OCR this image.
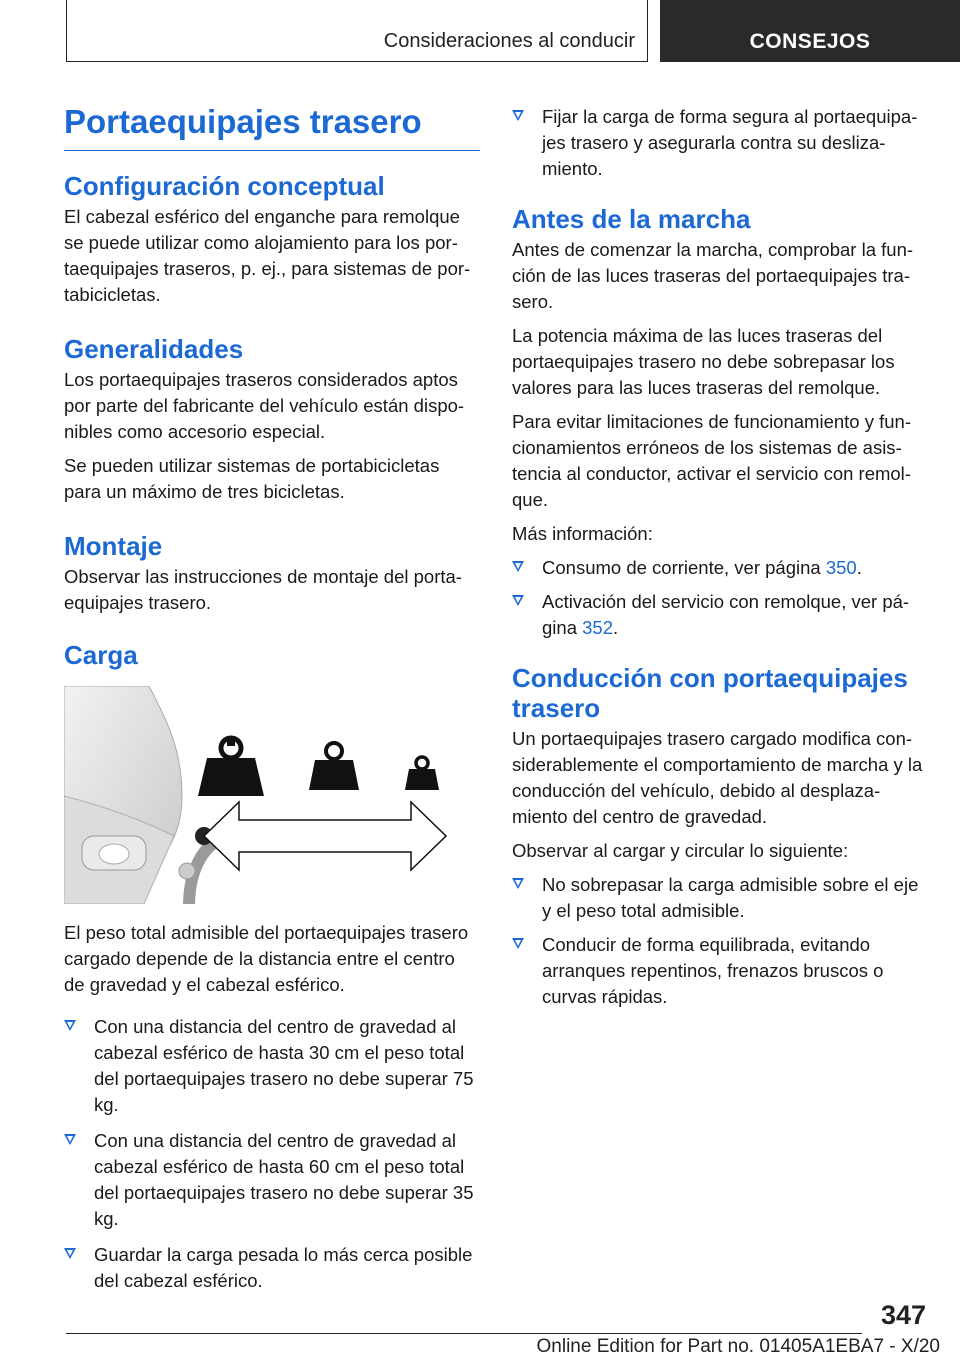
Consideraciones al conducir	CONSEJOS
Portaequipajes trasero
Configuración conceptual

El cabezal esférico del enganche para remolque se puede utilizar como alojamiento para los portaequipajes traseros, p. ej., para sistemas de portabicicletas.

Generalidades

Los portaequipajes traseros considerados aptos por parte del fabricante del vehículo están disponibles como accesorio especial.

Se pueden utilizar sistemas de portabicicletas para un máximo de tres bicicletas.

Montaje

Observar las instrucciones de montaje del portaequipajes trasero.

Carga

El peso total admisible del portaequipajes trasero cargado depende de la distancia entre el centro de gravedad y el cabezal esférico.

Con una distancia del centro de gravedad al cabezal esférico de hasta 30 cm el peso total del portaequipajes trasero no debe superar 75 kg.
Con una distancia del centro de gravedad al cabezal esférico de hasta 60 cm el peso total del portaequipajes trasero no debe superar 35 kg.
Guardar la carga pesada lo más cerca posible del cabezal esférico.
Fijar la carga de forma segura al portaequipajes trasero y asegurarla contra su deslizamiento.
Antes de la marcha

Antes de comenzar la marcha, comprobar la función de las luces traseras del portaequipajes trasero.

La potencia máxima de las luces traseras del portaequipajes trasero no debe sobrepasar los valores para las luces traseras del remolque.

Para evitar limitaciones de funcionamiento y funcionamientos erróneos de los sistemas de asistencia al conductor, activar el servicio con remolque.

Más información:

Consumo de corriente, ver página 350.
Activación del servicio con remolque, ver página 352.
Conducción con portaequipajes trasero

Un portaequipajes trasero cargado modifica considerablemente el comportamiento de marcha y la conducción del vehículo, debido al desplazamiento del centro de gravedad.

Observar al cargar y circular lo siguiente:

No sobrepasar la carga admisible sobre el eje y el peso total admisible.
Conducir de forma equilibrada, evitando arranques repentinos, frenazos bruscos o curvas rápidas.
347
Online Edition for Part no. 01405A1EBA7 - X/20
